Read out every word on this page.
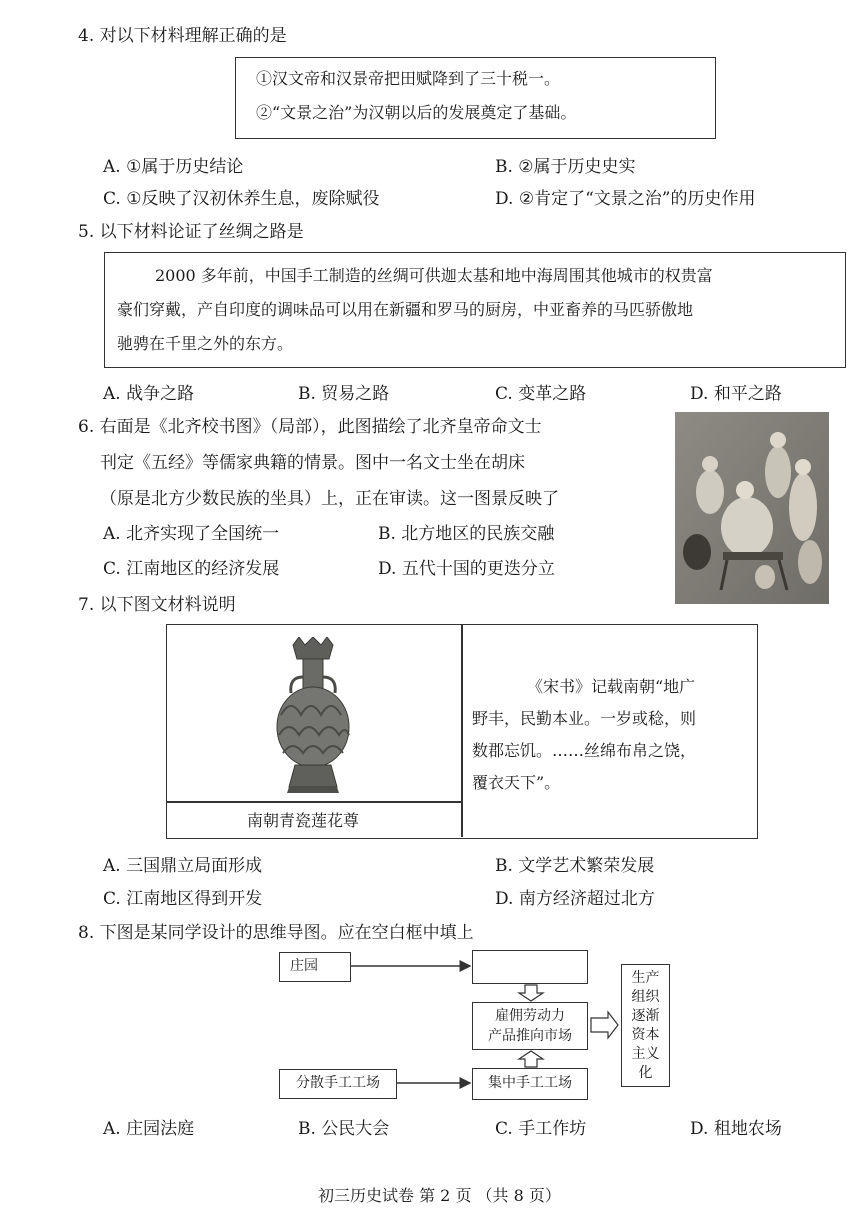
4. 对以下材料理解正确的是
①汉文帝和汉景帝把田赋降到了三十税一。
②“文景之治”为汉朝以后的发展奠定了基础。
A. ①属于历史结论	B. ②属于历史史实
C. ①反映了汉初休养生息，废除赋役	D. ②肯定了“文景之治”的历史作用
5. 以下材料论证了丝绸之路是
2000 多年前，中国手工制造的丝绸可供迦太基和地中海周围其他城市的权贵富
豪们穿戴，产自印度的调味品可以用在新疆和罗马的厨房，中亚畜养的马匹骄傲地
驰骋在千里之外的东方。
A. 战争之路	B. 贸易之路	C. 变革之路	D. 和平之路
6. 右面是《北齐校书图》（局部），此图描绘了北齐皇帝命文士
刊定《五经》等儒家典籍的情景。图中一名文士坐在胡床
（原是北方少数民族的坐具）上，正在审读。这一图景反映了
A. 北齐实现了全国统一	B. 北方地区的民族交融
C. 江南地区的经济发展	D. 五代十国的更迭分立
7. 以下图文材料说明
南朝青瓷莲花尊
《宋书》记载南朝“地广
野丰，民勤本业。一岁或稔，则
数郡忘饥。……丝绵布帛之饶，
覆衣天下”。
A. 三国鼎立局面形成	B. 文学艺术繁荣发展
C. 江南地区得到开发	D. 南方经济超过北方
8. 下图是某同学设计的思维导图。应在空白框中填上
庄园
雇佣劳动力
产品推向市场
分散手工工场	集中手工工场
生产
组织
逐渐
资本
主义
化
A. 庄园法庭	B. 公民大会	C. 手工作坊	D. 租地农场
初三历史试卷 第 2 页 （共 8 页）
